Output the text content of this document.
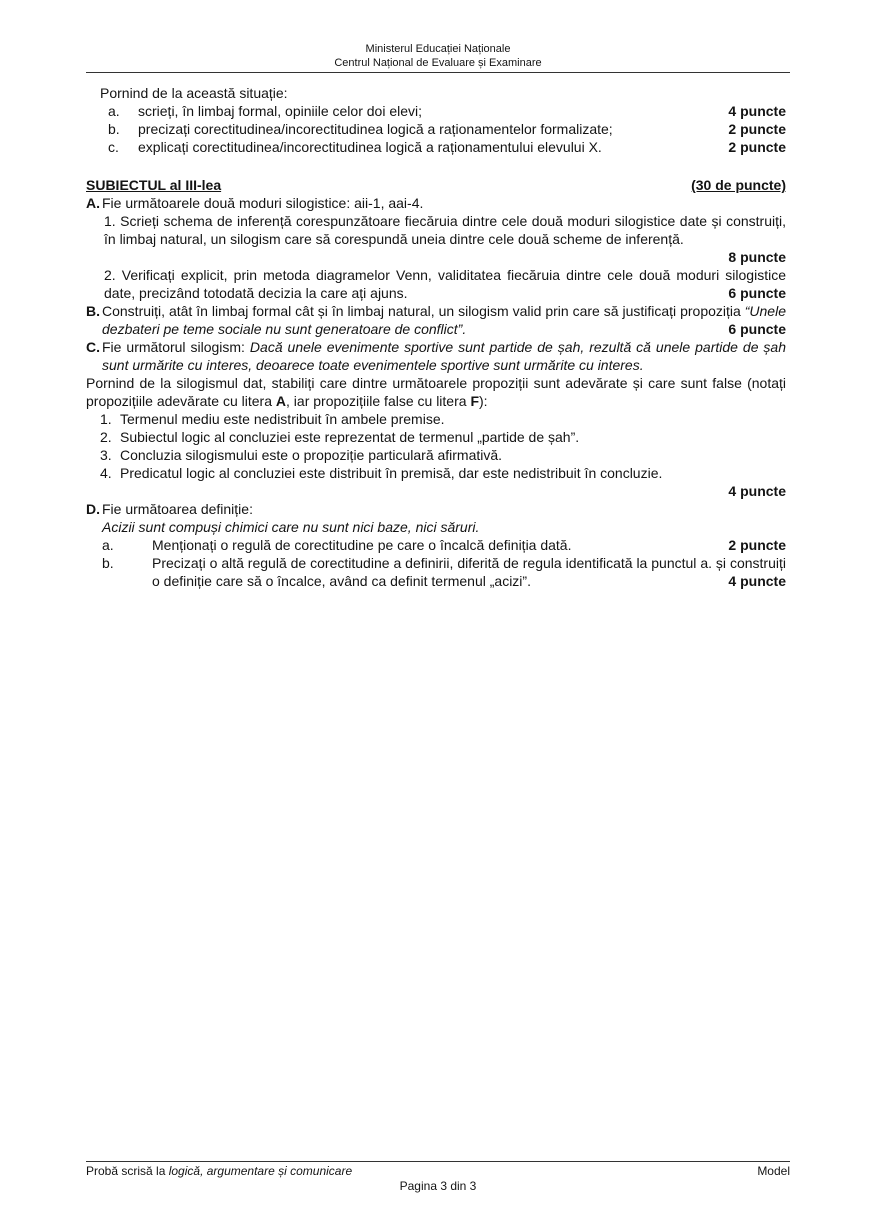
Ministerul Educației Naționale
Centrul Național de Evaluare și Examinare
Pornind de la această situație:
a.	scrieți, în limbaj formal, opiniile celor doi elevi;	4 puncte
b.	precizați corectitudinea/incorectitudinea logică a raționamentelor formalizate;	2 puncte
c.	explicați corectitudinea/incorectitudinea logică a raționamentului elevului X.	2 puncte
SUBIECTUL al III-lea	(30 de puncte)
A. Fie următoarele două moduri silogistice: aii-1, aai-4.
1. Scrieți schema de inferență corespunzătoare fiecăruia dintre cele două moduri silogistice date și construiți, în limbaj natural, un silogism care să corespundă uneia dintre cele două scheme de inferență.
8 puncte
2. Verificați explicit, prin metoda diagramelor Venn, validitatea fiecăruia dintre cele două moduri silogistice date, precizând totodată decizia la care ați ajuns.	6 puncte
B. Construiți, atât în limbaj formal cât și în limbaj natural, un silogism valid prin care să justificați propoziția “Unele dezbateri pe teme sociale nu sunt generatoare de conflict”.	6 puncte
C. Fie următorul silogism: Dacă unele evenimente sportive sunt partide de șah, rezultă că unele partide de șah sunt urmărite cu interes, deoarece toate evenimentele sportive sunt urmărite cu interes.
Pornind de la silogismul dat, stabiliți care dintre următoarele propoziții sunt adevărate și care sunt false (notați propozițiile adevărate cu litera A, iar propozițiile false cu litera F):
1. Termenul mediu este nedistribuit în ambele premise.
2. Subiectul logic al concluziei este reprezentat de termenul „partide de șah”.
3. Concluzia silogismului este o propoziție particulară afirmativă.
4. Predicatul logic al concluziei este distribuit în premisă, dar este nedistribuit în concluzie.
4 puncte
D. Fie următoarea definiție:
Acizii sunt compuși chimici care nu sunt nici baze, nici săruri.
a.	Menționați o regulă de corectitudine pe care o încalcă definiția dată.	2 puncte
b.	Precizați o altă regulă de corectitudine a definirii, diferită de regula identificată la punctul a. și construiți o definiție care să o încalce, având ca definit termenul „acizi”.	4 puncte
Probă scrisă la logică, argumentare și comunicare	Model
Pagina 3 din 3
